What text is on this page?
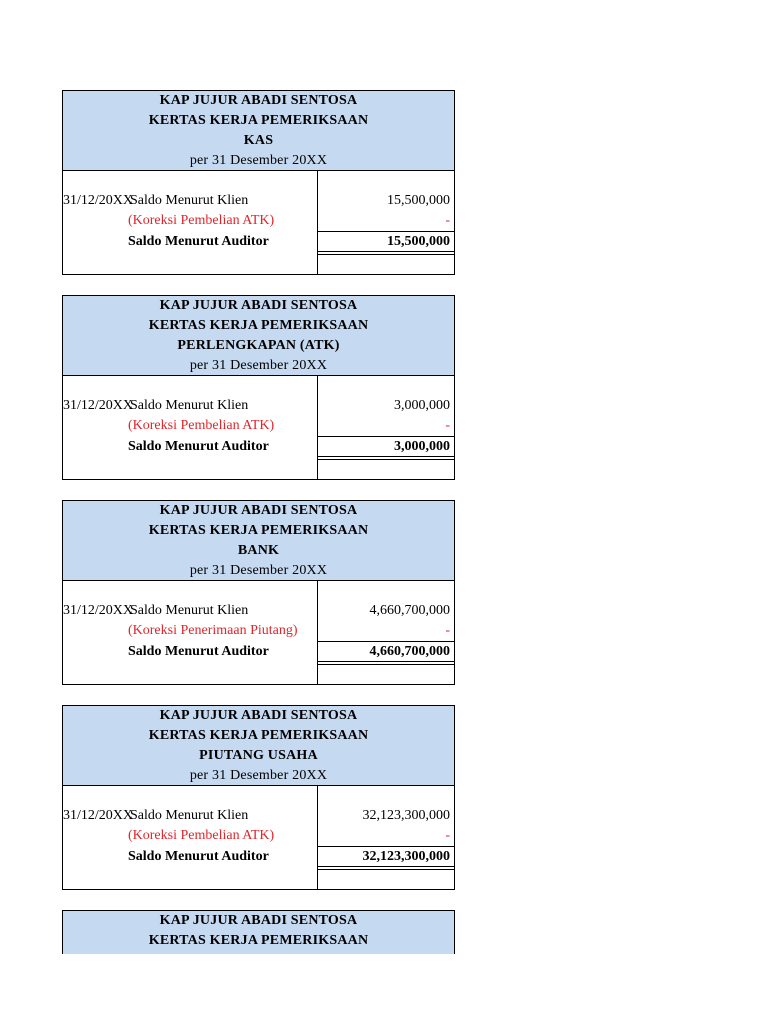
KAP JUJUR ABADI SENTOSA
KERTAS KERJA PEMERIKSAAN
KAS
per 31 Desember 20XX
31/12/20XX
Saldo Menurut Klien
(Koreksi Pembelian ATK)
Saldo Menurut Auditor
15,500,000
-
15,500,000
KAP JUJUR ABADI SENTOSA
KERTAS KERJA PEMERIKSAAN
PERLENGKAPAN (ATK)
per 31 Desember 20XX
31/12/20XX
Saldo Menurut Klien
(Koreksi Pembelian ATK)
Saldo Menurut Auditor
3,000,000
-
3,000,000
KAP JUJUR ABADI SENTOSA
KERTAS KERJA PEMERIKSAAN
BANK
per 31 Desember 20XX
31/12/20XX
Saldo Menurut Klien
(Koreksi Penerimaan Piutang)
Saldo Menurut Auditor
4,660,700,000
-
4,660,700,000
KAP JUJUR ABADI SENTOSA
KERTAS KERJA PEMERIKSAAN
PIUTANG USAHA
per 31 Desember 20XX
31/12/20XX
Saldo Menurut Klien
(Koreksi Pembelian ATK)
Saldo Menurut Auditor
32,123,300,000
-
32,123,300,000
KAP JUJUR ABADI SENTOSA
KERTAS KERJA PEMERIKSAAN
